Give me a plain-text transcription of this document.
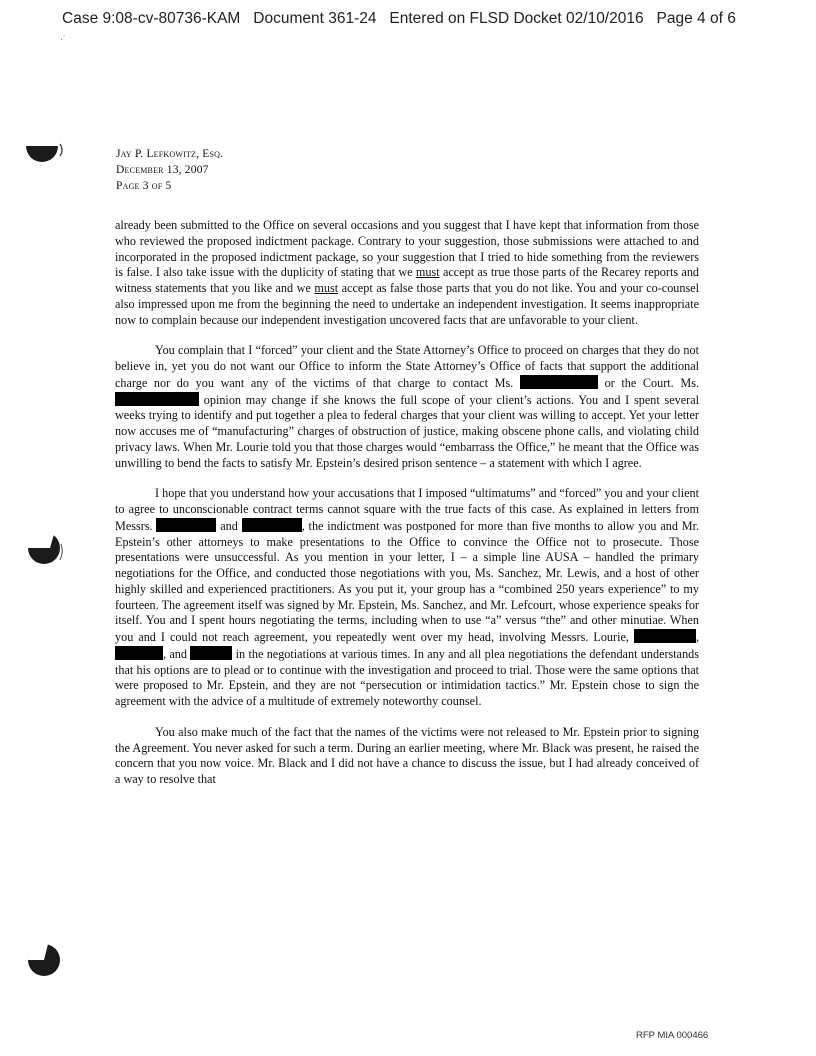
Case 9:08-cv-80736-KAM Document 361-24 Entered on FLSD Docket 02/10/2016 Page 4 of 6
·˙
Jay P. Lefkowitz, Esq.
December 13, 2007
Page 3 of 5

already been submitted to the Office on several occasions and you suggest that I have kept that information from those who reviewed the proposed indictment package. Contrary to your suggestion, those submissions were attached to and incorporated in the proposed indictment package, so your suggestion that I tried to hide something from the reviewers is false. I also take issue with the duplicity of stating that we must accept as true those parts of the Recarey reports and witness statements that you like and we must accept as false those parts that you do not like. You and your co-counsel also impressed upon me from the beginning the need to undertake an independent investigation. It seems inappropriate now to complain because our independent investigation uncovered facts that are unfavorable to your client.

You complain that I “forced” your client and the State Attorney’s Office to proceed on charges that they do not believe in, yet you do not want our Office to inform the State Attorney’s Office of facts that support the additional charge nor do you want any of the victims of that charge to contact Ms.	or the Court. Ms.  opinion may change if she knows the full scope of your client’s actions. You and I spent several weeks trying to identify and put together a plea to federal charges that your client was willing to accept. Yet your letter now accuses me of “manufacturing” charges of obstruction of justice, making obscene phone calls, and violating child privacy laws. When Mr. Lourie told you that those charges would “embarrass the Office,” he meant that the Office was unwilling to bend the facts to satisfy Mr. Epstein’s desired prison sentence – a statement with which I agree.

I hope that you understand how your accusations that I imposed “ultimatums” and “forced” you and your client to agree to unconscionable contract terms cannot square with the true facts of this case. As explained in letters from Messrs.	and	, the indictment was postponed for more than five months to allow you and Mr. Epstein’s other attorneys to make presentations to the Office to convince the Office not to prosecute. Those presentations were unsuccessful. As you mention in your letter, I – a simple line AUSA – handled the primary negotiations for the Office, and conducted those negotiations with you, Ms. Sanchez, Mr. Lewis, and a host of other highly skilled and experienced practitioners. As you put it, your group has a “combined 250 years experience” to my fourteen. The agreement itself was signed by Mr. Epstein, Ms. Sanchez, and Mr. Lefcourt, whose experience speaks for itself. You and I spent hours negotiating the terms, including when to use “a” versus “the” and other minutiae. When you and I could not reach agreement, you repeatedly went over my head, involving Messrs. Lourie,	, , and	in the negotiations at various times. In any and all plea negotiations the defendant understands that his options are to plead or to continue with the investigation and proceed to trial. Those were the same options that were proposed to Mr. Epstein, and they are not “persecution or intimidation tactics.” Mr. Epstein chose to sign the agreement with the advice of a multitude of extremely noteworthy counsel.

You also make much of the fact that the names of the victims were not released to Mr. Epstein prior to signing the Agreement. You never asked for such a term. During an earlier meeting, where Mr. Black was present, he raised the concern that you now voice. Mr. Black and I did not have a chance to discuss the issue, but I had already conceived of a way to resolve that

RFP MIA 000466
